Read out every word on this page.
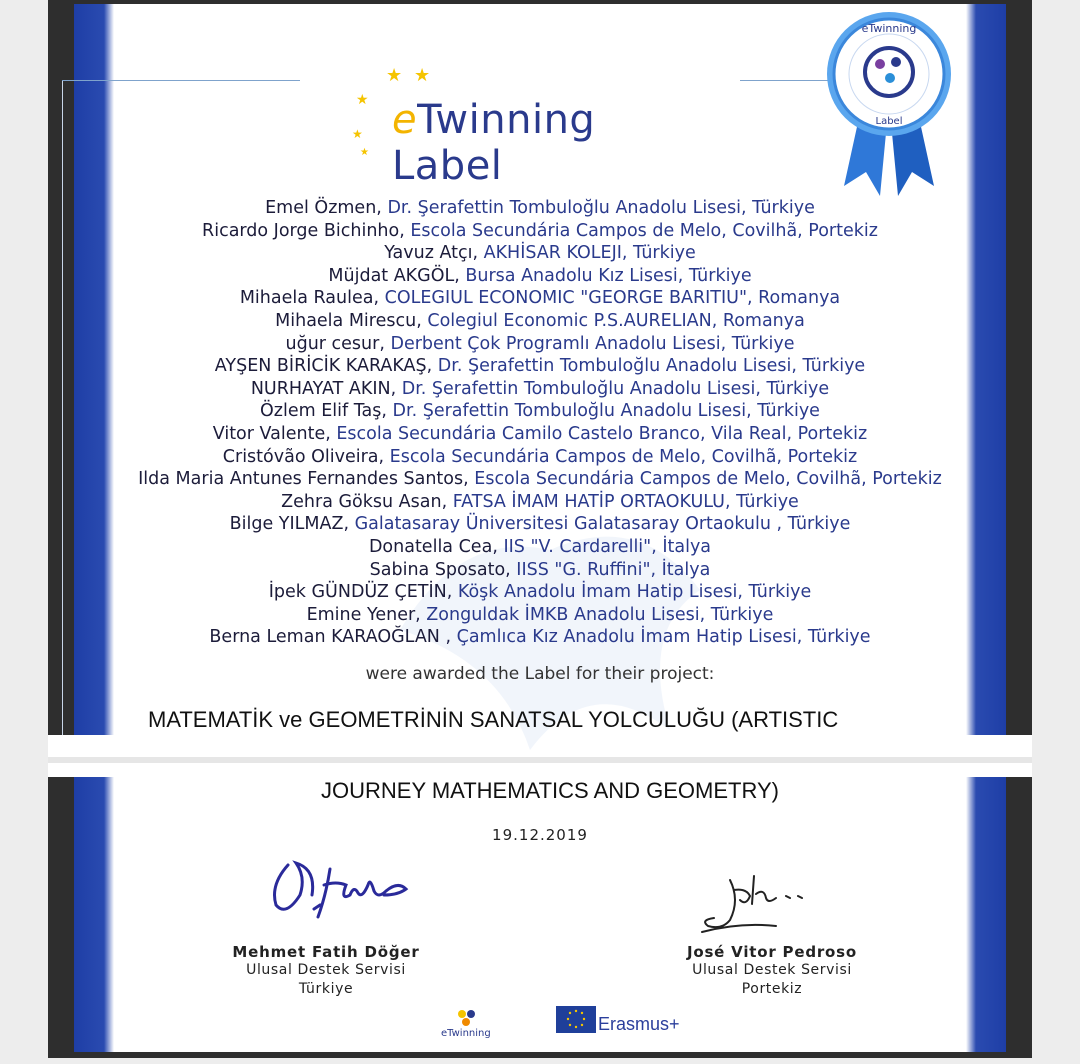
★ ★
★
★
★
eTwinning Label
eTwinning
Label
Emel Özmen, Dr. Şerafettin Tombuloğlu Anadolu Lisesi, Türkiye
Ricardo Jorge Bichinho, Escola Secundária Campos de Melo, Covilhã, Portekiz
Yavuz Atçı, AKHİSAR KOLEJI, Türkiye
Müjdat AKGÖL, Bursa Anadolu Kız Lisesi, Türkiye
Mihaela Raulea, COLEGIUL ECONOMIC "GEORGE BARITIU", Romanya
Mihaela Mirescu, Colegiul Economic P.S.AURELIAN, Romanya
uğur cesur, Derbent Çok Programlı Anadolu Lisesi, Türkiye
AYŞEN BİRİCİK KARAKAŞ, Dr. Şerafettin Tombuloğlu Anadolu Lisesi, Türkiye
NURHAYAT AKIN, Dr. Şerafettin Tombuloğlu Anadolu Lisesi, Türkiye
Özlem Elif Taş, Dr. Şerafettin Tombuloğlu Anadolu Lisesi, Türkiye
Vitor Valente, Escola Secundária Camilo Castelo Branco, Vila Real, Portekiz
Cristóvão Oliveira, Escola Secundária Campos de Melo, Covilhã, Portekiz
Ilda Maria Antunes Fernandes Santos, Escola Secundária Campos de Melo, Covilhã, Portekiz
Zehra Göksu Asan, FATSA İMAM HATİP ORTAOKULU, Türkiye
Bilge YILMAZ, Galatasaray Üniversitesi Galatasaray Ortaokulu , Türkiye
Donatella Cea, IIS "V. Cardarelli", İtalya
Sabina Sposato, IISS "G. Ruffini", İtalya
İpek GÜNDÜZ ÇETİN, Köşk Anadolu İmam Hatip Lisesi, Türkiye
Emine Yener, Zonguldak İMKB Anadolu Lisesi, Türkiye
Berna Leman KARAOĞLAN , Çamlıca Kız Anadolu İmam Hatip Lisesi, Türkiye
were awarded the Label for their project:
MATEMATİK ve GEOMETRİNİN SANATSAL YOLCULUĞU (ARTISTIC
JOURNEY MATHEMATICS AND GEOMETRY)
19.12.2019
Mehmet Fatih Döğer
Ulusal Destek Servisi
Türkiye
José Vitor Pedroso
Ulusal Destek Servisi
Portekiz
eTwinning	Erasmus+
